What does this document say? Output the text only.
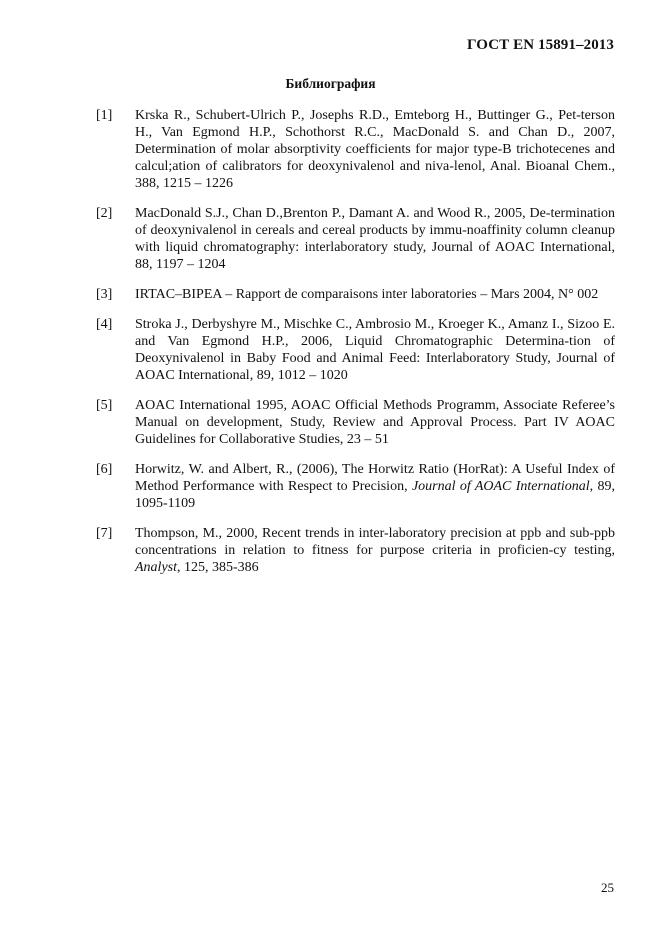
ГОСТ EN 15891–2013
Библиография
[1]	Krska R., Schubert-Ulrich P., Josephs R.D., Emteborg H., Buttinger G., Pet-terson H., Van Egmond H.P., Schothorst R.C., MacDonald S. and Chan D., 2007, Determination of molar absorptivity coefficients for major type-B trichotecenes and calcul;ation of calibrators for deoxynivalenol and niva-lenol, Anal. Bioanal Chem., 388, 1215 – 1226
[2]	MacDonald S.J., Chan D.,Brenton P., Damant A. and Wood R., 2005, De-termination of deoxynivalenol in cereals and cereal products by immu-noaffinity column cleanup with liquid chromatography: interlaboratory study, Journal of AOAC International, 88, 1197 – 1204
[3]	IRTAC–BIPEA – Rapport de comparaisons inter laboratories – Mars 2004, N° 002
[4]	Stroka J., Derbyshyre M., Mischke C., Ambrosio M., Kroeger K., Amanz I., Sizoo E. and Van Egmond H.P., 2006, Liquid Chromatographic Determina-tion of Deoxynivalenol in Baby Food and Animal Feed: Interlaboratory Study, Journal of AOAC International, 89, 1012 – 1020
[5]	AOAC International 1995, AOAC Official Methods Programm, Associate Referee’s Manual on development, Study, Review and Approval Process. Part IV AOAC Guidelines for Collaborative Studies, 23 – 51
[6]	Horwitz, W. and Albert, R., (2006), The Horwitz Ratio (HorRat): A Useful Index of Method Performance with Respect to Precision, Journal of AOAC International, 89, 1095-1109
[7]	Thompson, M., 2000, Recent trends in inter-laboratory precision at ppb and sub-ppb concentrations in relation to fitness for purpose criteria in proficien-cy testing, Analyst, 125, 385-386
25
